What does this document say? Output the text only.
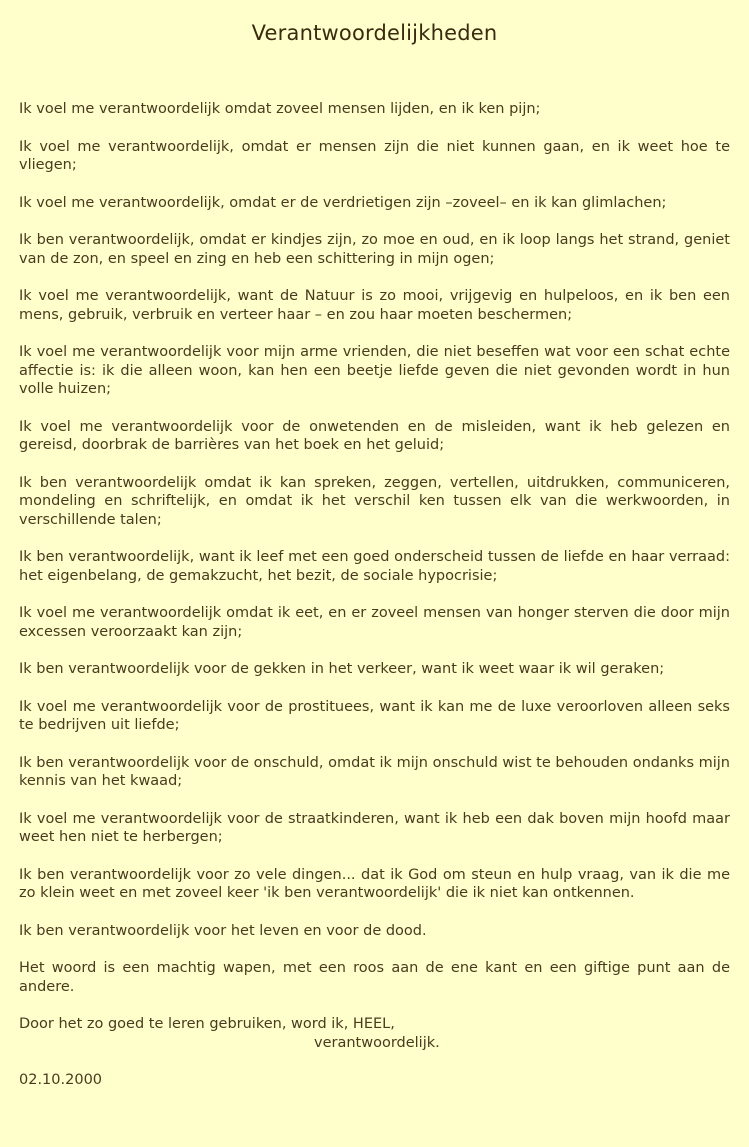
Verantwoordelijkheden

Ik voel me verantwoordelijk omdat zoveel mensen lijden, en ik ken pijn;

Ik voel me verantwoordelijk, omdat er mensen zijn die niet kunnen gaan, en ik weet hoe te vliegen;

Ik voel me verantwoordelijk, omdat er de verdrietigen zijn –zoveel– en ik kan glimlachen;

Ik ben verantwoordelijk, omdat er kindjes zijn, zo moe en oud, en ik loop langs het strand, geniet van de zon, en speel en zing en heb een schittering in mijn ogen;

Ik voel me verantwoordelijk, want de Natuur is zo mooi, vrijgevig en hulpeloos, en ik ben een mens, gebruik, verbruik en verteer haar – en zou haar moeten beschermen;

Ik voel me verantwoordelijk voor mijn arme vrienden, die niet beseffen wat voor een schat echte affectie is: ik die alleen woon, kan hen een beetje liefde geven die niet gevonden wordt in hun volle huizen;

Ik voel me verantwoordelijk voor de onwetenden en de misleiden, want ik heb gelezen en gereisd, doorbrak de barrières van het boek en het geluid;

Ik ben verantwoordelijk omdat ik kan spreken, zeggen, vertellen, uitdrukken, communiceren, mondeling en schriftelijk, en omdat ik het verschil ken tussen elk van die werkwoorden, in verschillende talen;

Ik ben verantwoordelijk, want ik leef met een goed onderscheid tussen de liefde en haar verraad: het eigenbelang, de gemakzucht, het bezit, de sociale hypocrisie;

Ik voel me verantwoordelijk omdat ik eet, en er zoveel mensen van honger sterven die door mijn excessen veroorzaakt kan zijn;

Ik ben verantwoordelijk voor de gekken in het verkeer, want ik weet waar ik wil geraken;

Ik voel me verantwoordelijk voor de prostituees, want ik kan me de luxe veroorloven alleen seks te bedrijven uit liefde;

Ik ben verantwoordelijk voor de onschuld, omdat ik mijn onschuld wist te behouden ondanks mijn kennis van het kwaad;

Ik voel me verantwoordelijk voor de straatkinderen, want ik heb een dak boven mijn hoofd maar weet hen niet te herbergen;

Ik ben verantwoordelijk voor zo vele dingen... dat ik God om steun en hulp vraag, van ik die me zo klein weet en met zoveel keer 'ik ben verantwoordelijk' die ik niet kan ontkennen.

Ik ben verantwoordelijk voor het leven en voor de dood.

Het woord is een machtig wapen, met een roos aan de ene kant en een giftige punt aan de andere.

Door het zo goed te leren gebruiken, word ik, HEEL,
verantwoordelijk.

02.10.2000
